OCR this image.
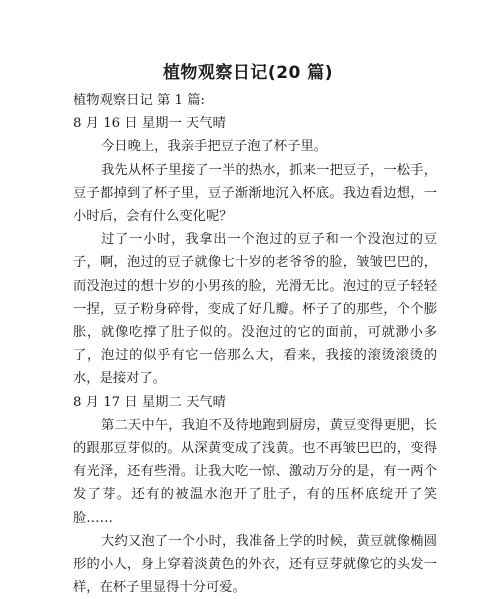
植物观察日记(20 篇)

植物观察日记 第 1 篇:

8 月 16 日 星期一 天气晴

今日晚上，我亲手把豆子泡了杯子里。

我先从杯子里接了一半的热水，抓来一把豆子，一松手，豆子都掉到了杯子里，豆子渐渐地沉入杯底。我边看边想，一小时后，会有什么变化呢？

过了一小时，我拿出一个泡过的豆子和一个没泡过的豆子，啊，泡过的豆子就像七十岁的老爷爷的脸，皱皱巴巴的，而没泡过的想十岁的小男孩的脸，光滑无比。泡过的豆子轻轻一捏，豆子粉身碎骨，变成了好几瓣。杯子了的那些，个个膨胀，就像吃撑了肚子似的。没泡过的它的面前，可就渺小多了，泡过的似乎有它一倍那么大，看来，我接的滚烫滚烫的水，是接对了。

8 月 17 日 星期二 天气晴

第二天中午，我迫不及待地跑到厨房，黄豆变得更肥，长的跟那豆芽似的。从深黄变成了浅黄。也不再皱巴巴的，变得有光泽，还有些滑。让我大吃一惊、激动万分的是，有一两个发了芽。还有的被温水泡开了肚子，有的压杯底绽开了笑脸……

大约又泡了一个小时，我准备上学的时候，黄豆就像椭圆形的小人，身上穿着淡黄色的外衣，还有豆芽就像它的头发一样，在杯子里显得十分可爱。
